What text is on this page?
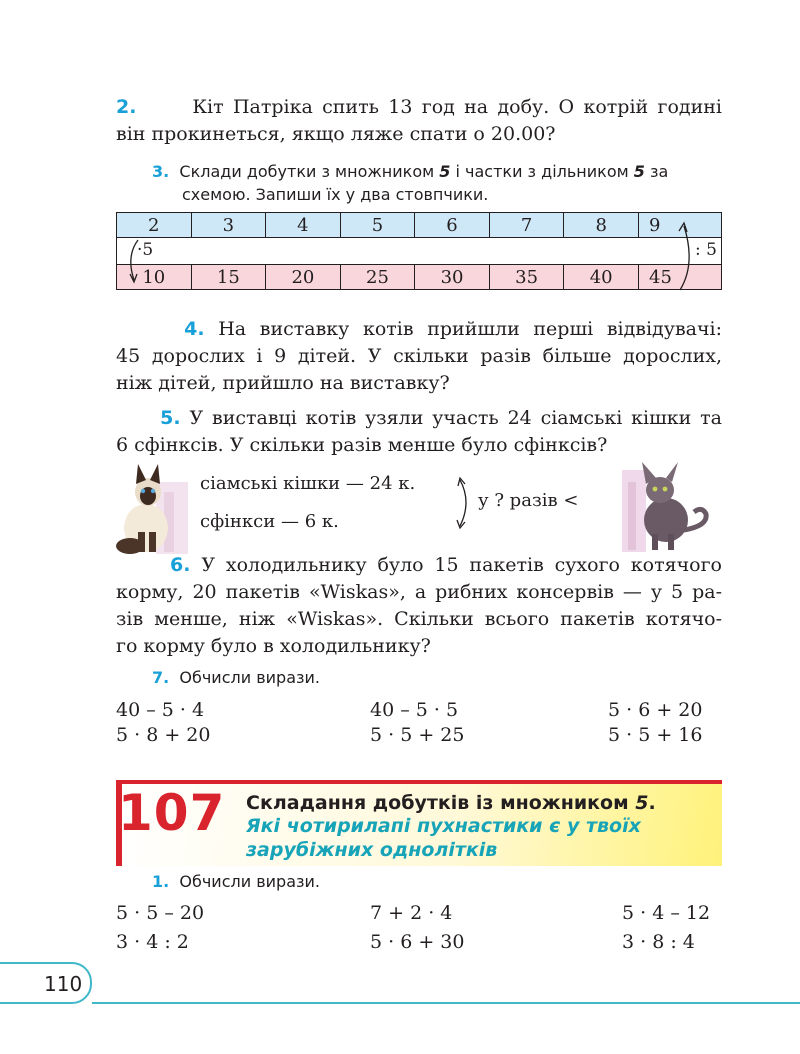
2.	Кіт Патріка спить 13 год на добу. О котрій годині
він прокинеться, якщо ляже спати о 20.00?
3. Склади добутки з множником 5 і частки з дільником 5 за
схемою. Запиши їх у два стовпчики.
2	3	4	5	6	7	8	9

·5 : 5							

10	15	20	25	30	35	40	45
4. На виставку котів прийшли перші відвідувачі:
45 дорослих і 9 дітей. У скільки разів більше дорослих,
ніж дітей, прийшло на виставку?
5. У виставці котів узяли участь 24 сіамські кішки та
6 сфінксів. У скільки разів менше було сфінксів?
сіамські кішки — 24 к.
сфінкси — 6 к.
у ? разів <
6. У холодильнику було 15 пакетів сухого котячого
корму, 20 пакетів «Wiskas», а рибних консервів — у 5 ра-
зів менше, ніж «Wiskas». Скільки всього пакетів котячо-
го корму було в холодильнику?
7. Обчисли вирази.
40 – 5 · 4	40 – 5 · 5	5 · 6 + 20
5 · 8 + 20	5 · 5 + 25	5 · 5 + 16
107 Складання добутків із множником 5.
Які чотирилапі пухнастики є у твоїх
зарубіжних однолітків
1. Обчисли вирази.
5 · 5 – 20	7 + 2 · 4	5 · 4 – 12
3 · 4 : 2	5 · 6 + 30	3 · 8 : 4
110
